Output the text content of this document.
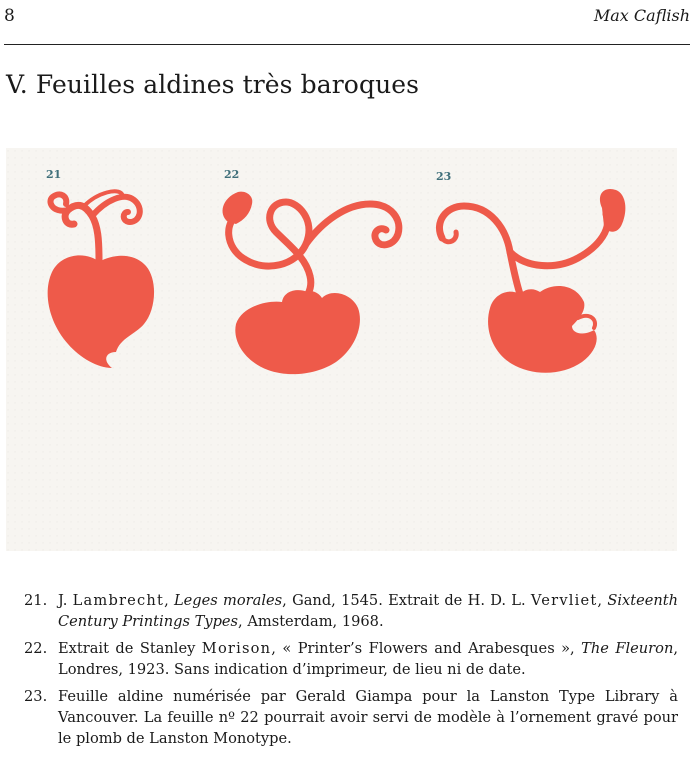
8	Max Caflish
V. Feuilles aldines très baroques
21	22	23
21. J. Lambrecht, Leges morales, Gand, 1545. Extrait de H. D. L. Vervliet, Sixteenth Century Printings Types, Amsterdam, 1968.
22. Extrait de Stanley Morison, « Printer’s Flowers and Arabesques », The Fleuron, Londres, 1923. Sans indication d’imprimeur, de lieu ni de date.
23. Feuille aldine numérisée par Gerald Giampa pour la Lanston Type Library à Vancouver. La feuille nº 22 pourrait avoir servi de modèle à l’ornement gravé pour le plomb de Lanston Monotype.
